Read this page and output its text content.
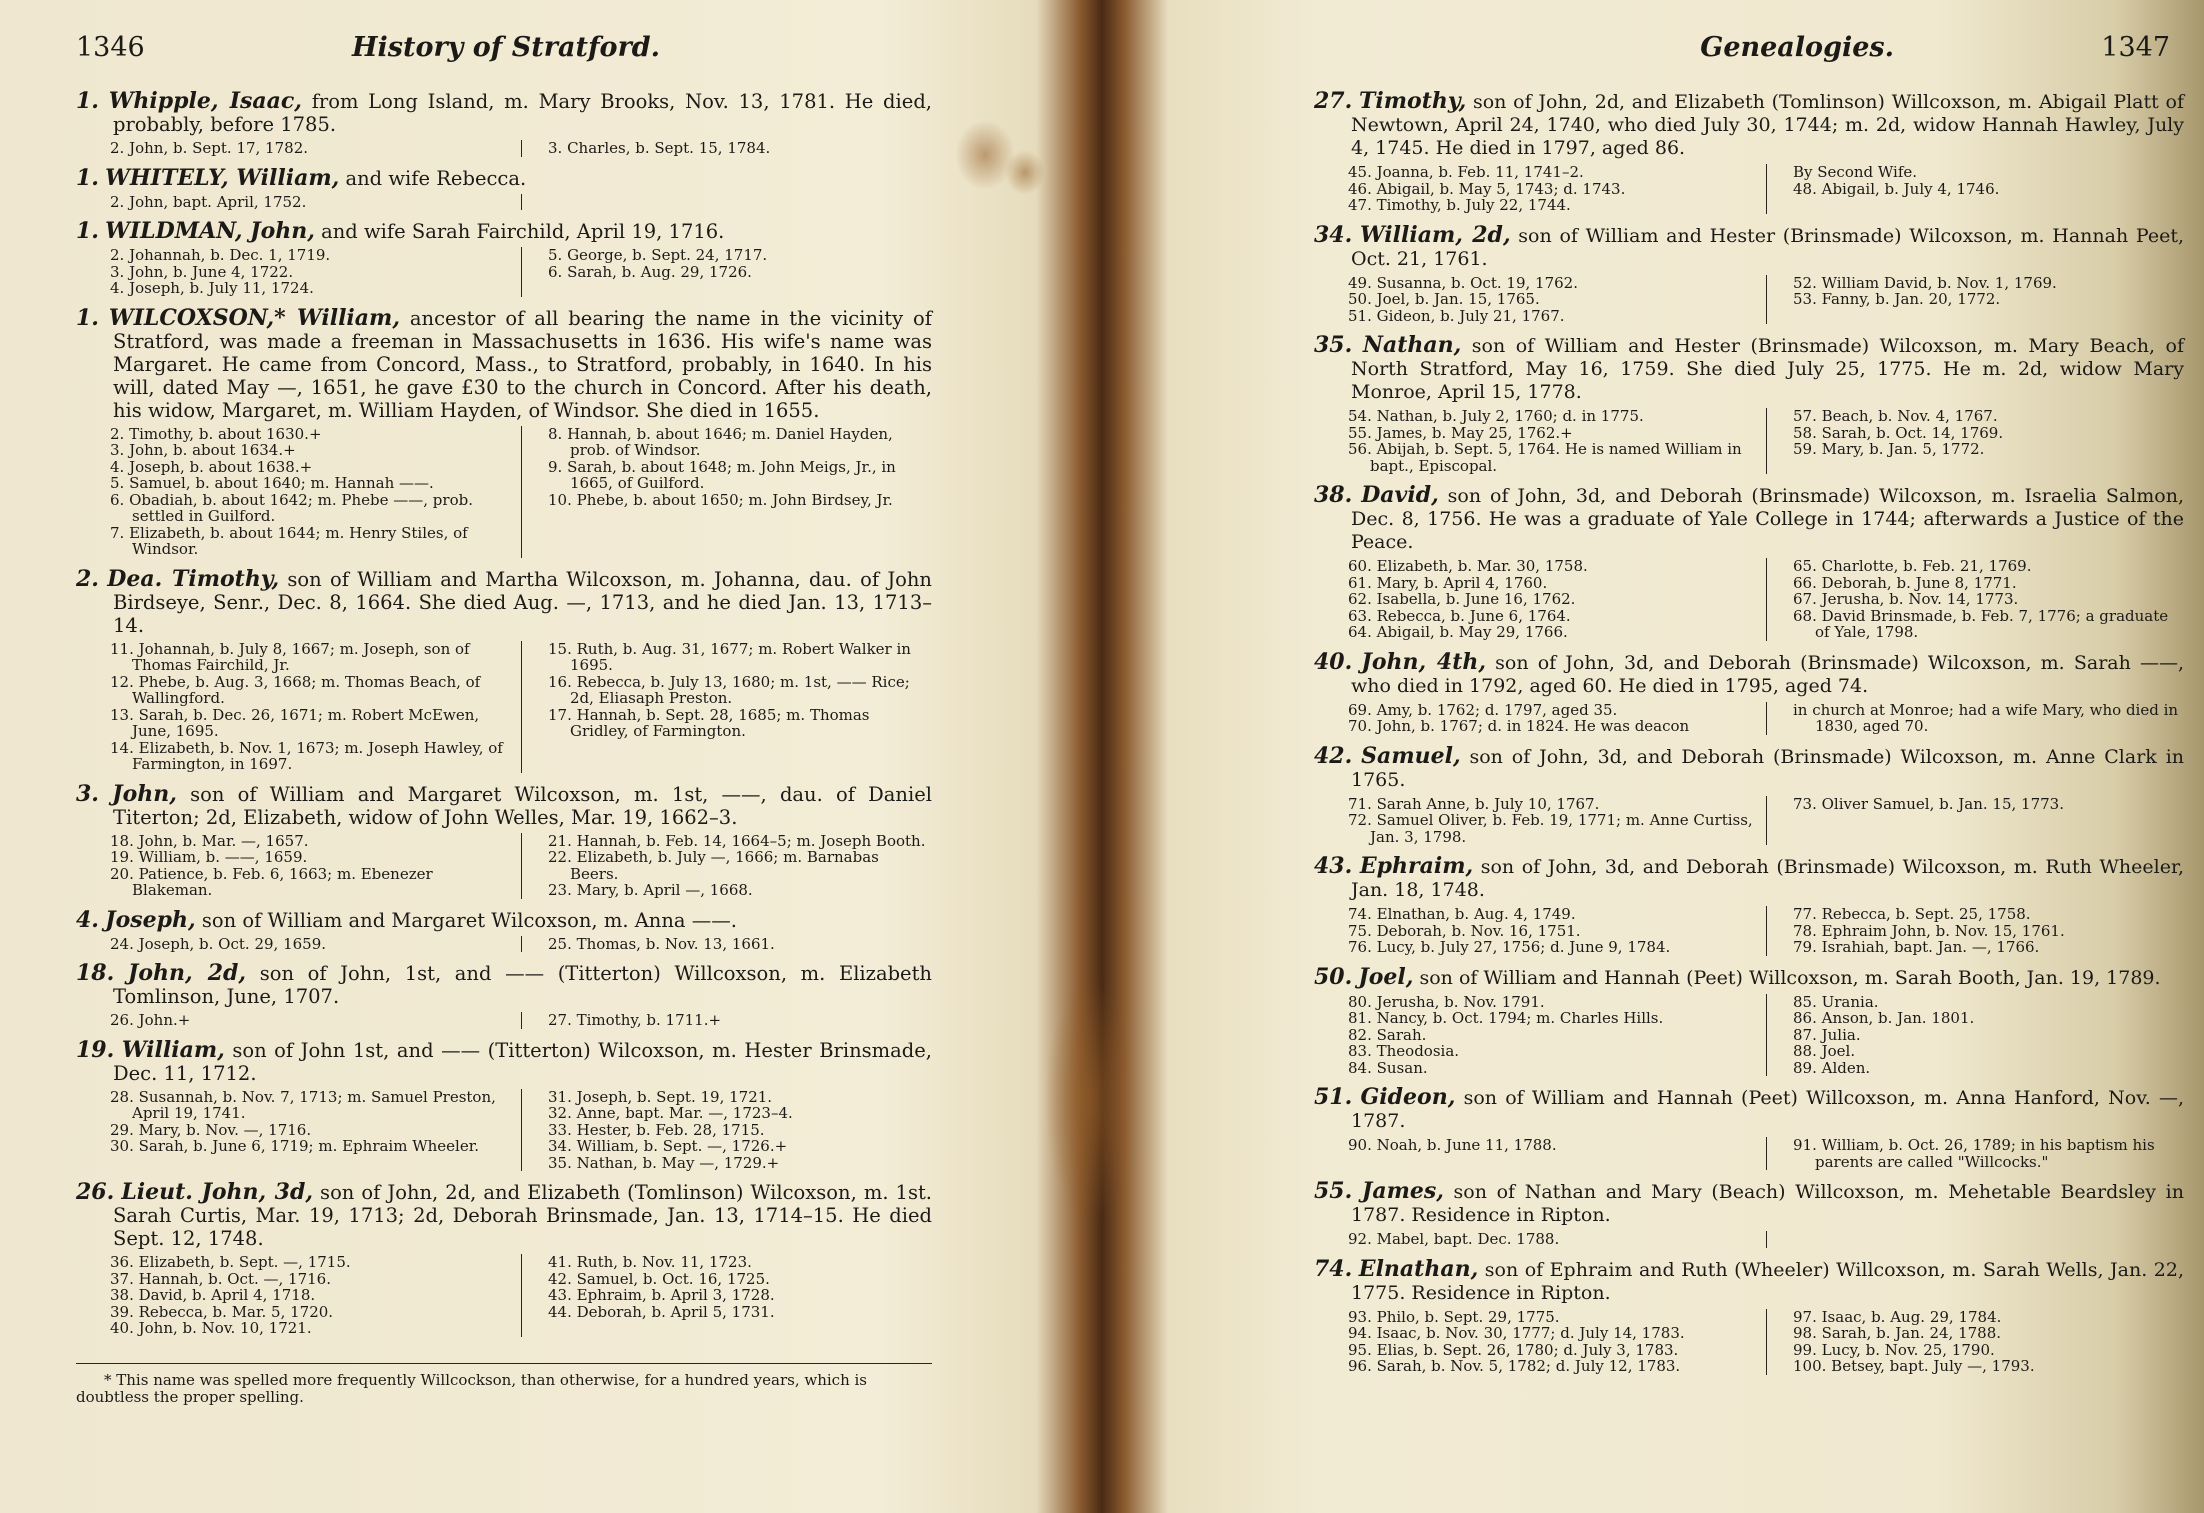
1346	History of Stratford.
1. Whipple, Isaac, from Long Island, m. Mary Brooks, Nov. 13, 1781. He died, probably, before 1785.
2. John, b. Sept. 17, 1782.	3. Charles, b. Sept. 15, 1784.
1. WHITELY, William, and wife Rebecca.
2. John, bapt. April, 1752.
1. WILDMAN, John, and wife Sarah Fairchild, April 19, 1716.
2. Johannah, b. Dec. 1, 1719.
3. John, b. June 4, 1722.
4. Joseph, b. July 11, 1724.
5. George, b. Sept. 24, 1717.
6. Sarah, b. Aug. 29, 1726.
1. WILCOXSON,* William, ancestor of all bearing the name in the vicinity of Stratford, was made a freeman in Massachusetts in 1636. His wife's name was Margaret. He came from Concord, Mass., to Stratford, probably, in 1640. In his will, dated May —, 1651, he gave £30 to the church in Concord. After his death, his widow, Margaret, m. William Hayden, of Windsor. She died in 1655.
2. Timothy, b. about 1630.+
3. John, b. about 1634.+
4. Joseph, b. about 1638.+
5. Samuel, b. about 1640; m. Hannah ——.
6. Obadiah, b. about 1642; m. Phebe ——, prob. settled in Guilford.
7. Elizabeth, b. about 1644; m. Henry Stiles, of Windsor.
8. Hannah, b. about 1646; m. Daniel Hayden, prob. of Windsor.
9. Sarah, b. about 1648; m. John Meigs, Jr., in 1665, of Guilford.
10. Phebe, b. about 1650; m. John Birdsey, Jr.
2. Dea. Timothy, son of William and Martha Wilcoxson, m. Johanna, dau. of John Birdseye, Senr., Dec. 8, 1664. She died Aug. —, 1713, and he died Jan. 13, 1713–14.
11. Johannah, b. July 8, 1667; m. Joseph, son of Thomas Fairchild, Jr.
12. Phebe, b. Aug. 3, 1668; m. Thomas Beach, of Wallingford.
13. Sarah, b. Dec. 26, 1671; m. Robert McEwen, June, 1695.
14. Elizabeth, b. Nov. 1, 1673; m. Joseph Hawley, of Farmington, in 1697.
15. Ruth, b. Aug. 31, 1677; m. Robert Walker in 1695.
16. Rebecca, b. July 13, 1680; m. 1st, —— Rice; 2d, Eliasaph Preston.
17. Hannah, b. Sept. 28, 1685; m. Thomas Gridley, of Farmington.
3. John, son of William and Margaret Wilcoxson, m. 1st, ——, dau. of Daniel Titerton; 2d, Elizabeth, widow of John Welles, Mar. 19, 1662–3.
18. John, b. Mar. —, 1657.
19. William, b. ——, 1659.
20. Patience, b. Feb. 6, 1663; m. Ebenezer Blakeman.
21. Hannah, b. Feb. 14, 1664–5; m. Joseph Booth.
22. Elizabeth, b. July —, 1666; m. Barnabas Beers.
23. Mary, b. April —, 1668.
4. Joseph, son of William and Margaret Wilcoxson, m. Anna ——.
24. Joseph, b. Oct. 29, 1659.	25. Thomas, b. Nov. 13, 1661.
18. John, 2d, son of John, 1st, and —— (Titterton) Willcoxson, m. Elizabeth Tomlinson, June, 1707.
26. John.+	27. Timothy, b. 1711.+
19. William, son of John 1st, and —— (Titterton) Wilcoxson, m. Hester Brinsmade, Dec. 11, 1712.
28. Susannah, b. Nov. 7, 1713; m. Samuel Preston, April 19, 1741.
29. Mary, b. Nov. —, 1716.
30. Sarah, b. June 6, 1719; m. Ephraim Wheeler.
31. Joseph, b. Sept. 19, 1721.
32. Anne, bapt. Mar. —, 1723–4.
33. Hester, b. Feb. 28, 1715.
34. William, b. Sept. —, 1726.+
35. Nathan, b. May —, 1729.+
26. Lieut. John, 3d, son of John, 2d, and Elizabeth (Tomlinson) Wilcoxson, m. 1st. Sarah Curtis, Mar. 19, 1713; 2d, Deborah Brinsmade, Jan. 13, 1714–15. He died Sept. 12, 1748.
36. Elizabeth, b. Sept. —, 1715.
37. Hannah, b. Oct. —, 1716.
38. David, b. April 4, 1718.
39. Rebecca, b. Mar. 5, 1720.
40. John, b. Nov. 10, 1721.
41. Ruth, b. Nov. 11, 1723.
42. Samuel, b. Oct. 16, 1725.
43. Ephraim, b. April 3, 1728.
44. Deborah, b. April 5, 1731.
* This name was spelled more frequently Willcockson, than otherwise, for a hundred years, which is doubtless the proper spelling.
Genealogies.	1347
27. Timothy, son of John, 2d, and Elizabeth (Tomlinson) Willcoxson, m. Abigail Platt of Newtown, April 24, 1740, who died July 30, 1744; m. 2d, widow Hannah Hawley, July 4, 1745. He died in 1797, aged 86.
45. Joanna, b. Feb. 11, 1741–2.
46. Abigail, b. May 5, 1743; d. 1743.
47. Timothy, b. July 22, 1744.
By Second Wife.
48. Abigail, b. July 4, 1746.
34. William, 2d, son of William and Hester (Brinsmade) Wilcoxson, m. Hannah Peet, Oct. 21, 1761.
49. Susanna, b. Oct. 19, 1762.
50. Joel, b. Jan. 15, 1765.
51. Gideon, b. July 21, 1767.
52. William David, b. Nov. 1, 1769.
53. Fanny, b. Jan. 20, 1772.
35. Nathan, son of William and Hester (Brinsmade) Wilcoxson, m. Mary Beach, of North Stratford, May 16, 1759. She died July 25, 1775. He m. 2d, widow Mary Monroe, April 15, 1778.
54. Nathan, b. July 2, 1760; d. in 1775.
55. James, b. May 25, 1762.+
56. Abijah, b. Sept. 5, 1764. He is named William in bapt., Episcopal.
57. Beach, b. Nov. 4, 1767.
58. Sarah, b. Oct. 14, 1769.
59. Mary, b. Jan. 5, 1772.
38. David, son of John, 3d, and Deborah (Brinsmade) Wilcoxson, m. Israelia Salmon, Dec. 8, 1756. He was a graduate of Yale College in 1744; afterwards a Justice of the Peace.
60. Elizabeth, b. Mar. 30, 1758.
61. Mary, b. April 4, 1760.
62. Isabella, b. June 16, 1762.
63. Rebecca, b. June 6, 1764.
64. Abigail, b. May 29, 1766.
65. Charlotte, b. Feb. 21, 1769.
66. Deborah, b. June 8, 1771.
67. Jerusha, b. Nov. 14, 1773.
68. David Brinsmade, b. Feb. 7, 1776; a graduate of Yale, 1798.
40. John, 4th, son of John, 3d, and Deborah (Brinsmade) Wilcoxson, m. Sarah ——, who died in 1792, aged 60. He died in 1795, aged 74.
69. Amy, b. 1762; d. 1797, aged 35.
70. John, b. 1767; d. in 1824. He was deacon
in church at Monroe; had a wife Mary, who died in 1830, aged 70.
42. Samuel, son of John, 3d, and Deborah (Brinsmade) Wilcoxson, m. Anne Clark in 1765.
71. Sarah Anne, b. July 10, 1767.
72. Samuel Oliver, b. Feb. 19, 1771; m. Anne Curtiss, Jan. 3, 1798.
73. Oliver Samuel, b. Jan. 15, 1773.
43. Ephraim, son of John, 3d, and Deborah (Brinsmade) Wilcoxson, m. Ruth Wheeler, Jan. 18, 1748.
74. Elnathan, b. Aug. 4, 1749.
75. Deborah, b. Nov. 16, 1751.
76. Lucy, b. July 27, 1756; d. June 9, 1784.
77. Rebecca, b. Sept. 25, 1758.
78. Ephraim John, b. Nov. 15, 1761.
79. Israhiah, bapt. Jan. —, 1766.
50. Joel, son of William and Hannah (Peet) Willcoxson, m. Sarah Booth, Jan. 19, 1789.
80. Jerusha, b. Nov. 1791.
81. Nancy, b. Oct. 1794; m. Charles Hills.
82. Sarah.
83. Theodosia.
84. Susan.
85. Urania.
86. Anson, b. Jan. 1801.
87. Julia.
88. Joel.
89. Alden.
51. Gideon, son of William and Hannah (Peet) Willcoxson, m. Anna Hanford, Nov. —, 1787.
90. Noah, b. June 11, 1788.	91. William, b. Oct. 26, 1789; in his baptism his parents are called "Willcocks."
55. James, son of Nathan and Mary (Beach) Willcoxson, m. Mehetable Beardsley in 1787. Residence in Ripton.
92. Mabel, bapt. Dec. 1788.
74. Elnathan, son of Ephraim and Ruth (Wheeler) Willcoxson, m. Sarah Wells, Jan. 22, 1775. Residence in Ripton.
93. Philo, b. Sept. 29, 1775.
94. Isaac, b. Nov. 30, 1777; d. July 14, 1783.
95. Elias, b. Sept. 26, 1780; d. July 3, 1783.
96. Sarah, b. Nov. 5, 1782; d. July 12, 1783.
97. Isaac, b. Aug. 29, 1784.
98. Sarah, b. Jan. 24, 1788.
99. Lucy, b. Nov. 25, 1790.
100. Betsey, bapt. July —, 1793.
